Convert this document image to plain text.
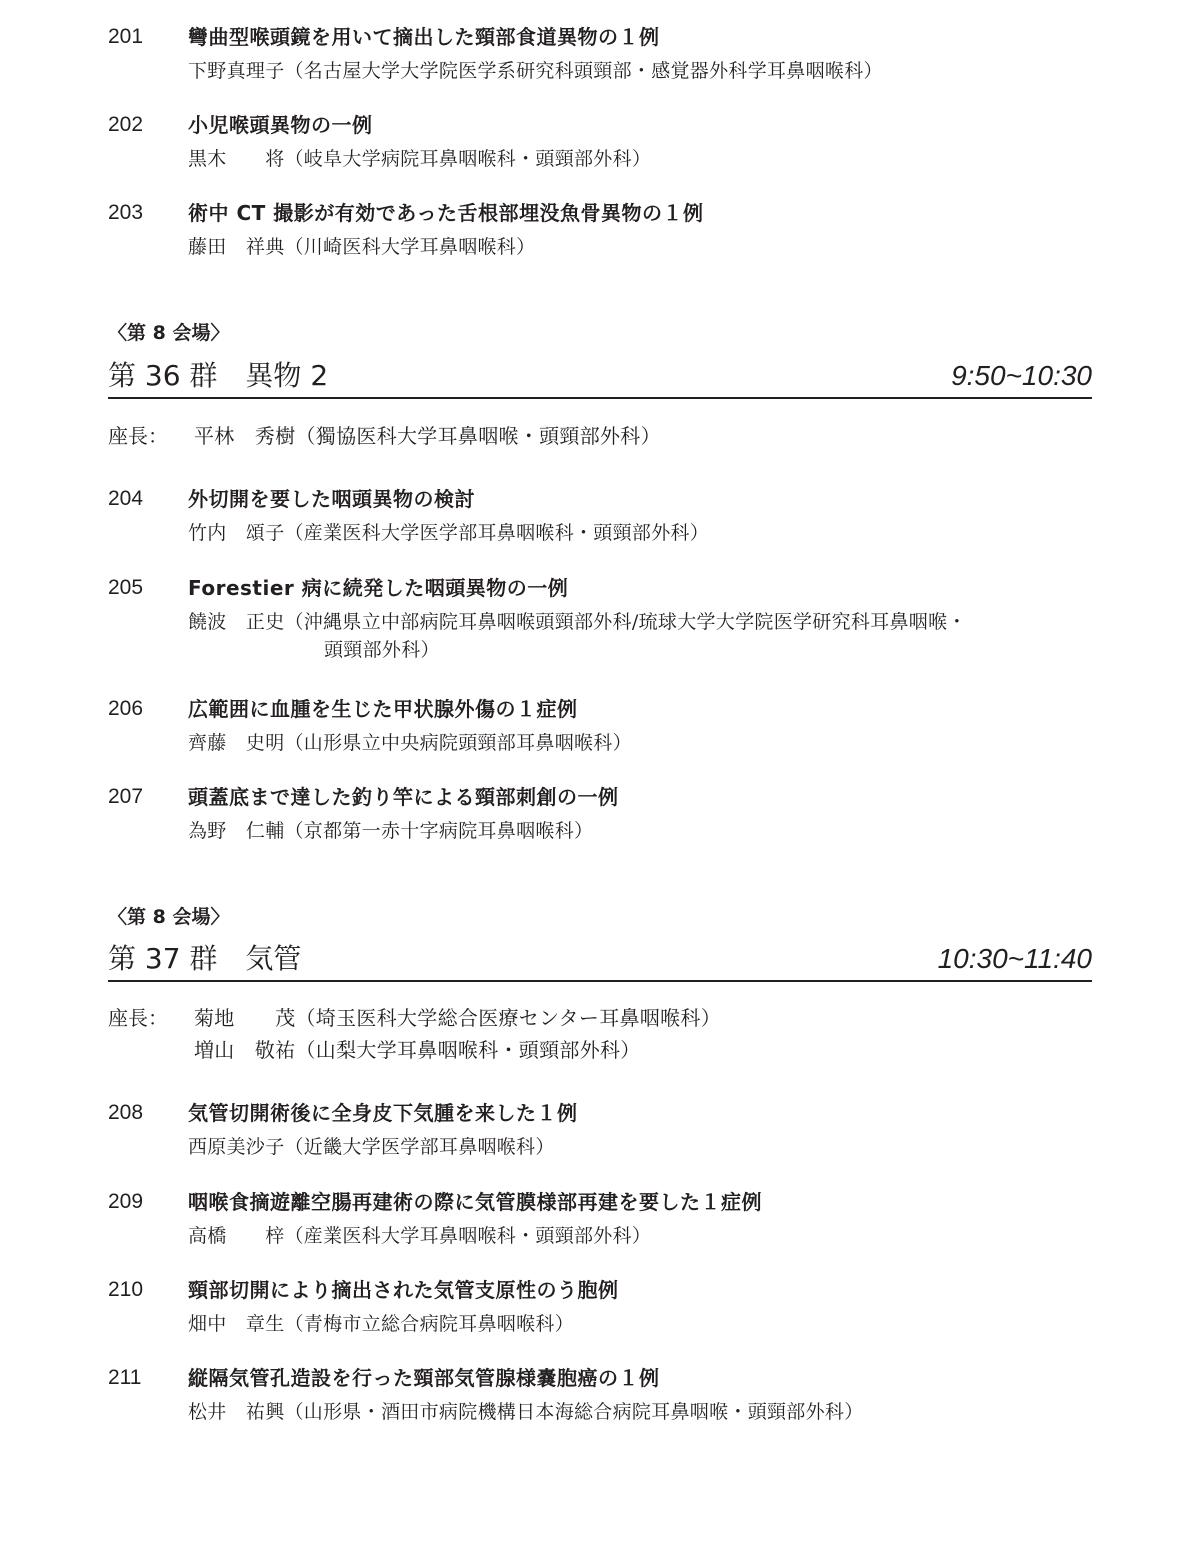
201 彎曲型喉頭鏡を用いて摘出した頸部食道異物の１例
下野真理子（名古屋大学大学院医学系研究科頭頸部・感覚器外科学耳鼻咽喉科）
202 小児喉頭異物の一例
黒木　　将（岐阜大学病院耳鼻咽喉科・頭頸部外科）
203 術中 CT 撮影が有効であった舌根部埋没魚骨異物の１例
藤田　祥典（川崎医科大学耳鼻咽喉科）
〈第 8 会場〉
第 36 群　異物 2	9:50~10:30
座長： 平林　秀樹（獨協医科大学耳鼻咽喉・頭頸部外科）
204 外切開を要した咽頭異物の検討
竹内　頌子（産業医科大学医学部耳鼻咽喉科・頭頸部外科）
205 Forestier 病に続発した咽頭異物の一例
饒波　正史（沖縄県立中部病院耳鼻咽喉頭頸部外科/琉球大学大学院医学研究科耳鼻咽喉・
頭頸部外科）
206 広範囲に血腫を生じた甲状腺外傷の１症例
齊藤　史明（山形県立中央病院頭頸部耳鼻咽喉科）
207 頭蓋底まで達した釣り竿による頸部刺創の一例
為野　仁輔（京都第一赤十字病院耳鼻咽喉科）
〈第 8 会場〉
第 37 群　気管	10:30~11:40
座長： 菊地　　茂（埼玉医科大学総合医療センター耳鼻咽喉科）
増山　敬祐（山梨大学耳鼻咽喉科・頭頸部外科）
208 気管切開術後に全身皮下気腫を来した１例
西原美沙子（近畿大学医学部耳鼻咽喉科）
209 咽喉食摘遊離空腸再建術の際に気管膜様部再建を要した１症例
高橋　　梓（産業医科大学耳鼻咽喉科・頭頸部外科）
210 頸部切開により摘出された気管支原性のう胞例
畑中　章生（青梅市立総合病院耳鼻咽喉科）
211 縦隔気管孔造設を行った頸部気管腺様嚢胞癌の１例
松井　祐興（山形県・酒田市病院機構日本海総合病院耳鼻咽喉・頭頸部外科）
